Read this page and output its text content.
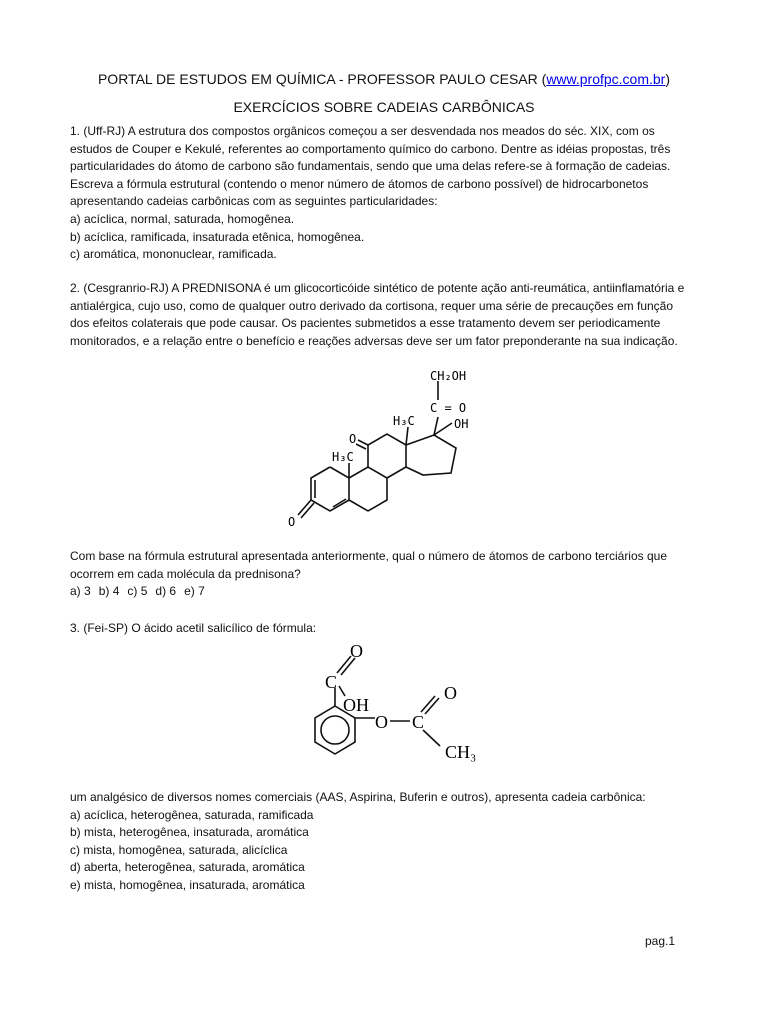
PORTAL DE ESTUDOS EM QUÍMICA - PROFESSOR PAULO CESAR (www.profpc.com.br)
EXERCÍCIOS SOBRE CADEIAS CARBÔNICAS
1. (Uff-RJ) A estrutura dos compostos orgânicos começou a ser desvendada nos meados do séc. XIX, com os
estudos de Couper e Kekulé, referentes ao comportamento químico do carbono. Dentre as idéias propostas, três
particularidades do átomo de carbono são fundamentais, sendo que uma delas refere-se à formação de cadeias.
Escreva a fórmula estrutural (contendo o menor número de átomos de carbono possível) de hidrocarbonetos
apresentando cadeias carbônicas com as seguintes particularidades:
a) acíclica, normal, saturada, homogênea.
b) acíclica, ramificada, insaturada etênica, homogênea.
c) aromática, mononuclear, ramificada.
2. (Cesgranrio-RJ) A PREDNISONA é um glicocorticóide sintético de potente ação anti-reumática, antiinflamatória e
antialérgica, cujo uso, como de qualquer outro derivado da cortisona, requer uma série de precauções em função
dos efeitos colaterais que pode causar. Os pacientes submetidos a esse tratamento devem ser periodicamente
monitorados, e a relação entre o benefício e reações adversas deve ser um fator preponderante na sua indicação.
CH₂OH
C = O
OH
H₃C
H₃C
O
O
Com base na fórmula estrutural apresentada anteriormente, qual o número de átomos de carbono terciários que
ocorrem em cada molécula da prednisona?
a) 3 b) 4 c) 5 d) 6 e) 7
3. (Fei-SP) O ácido acetil salicílico de fórmula:
O
C
OH
O C
O
CH₃
um analgésico de diversos nomes comerciais (AAS, Aspirina, Buferin e outros), apresenta cadeia carbônica:
a) acíclica, heterogênea, saturada, ramificada
b) mista, heterogênea, insaturada, aromática
c) mista, homogênea, saturada, alicíclica
d) aberta, heterogênea, saturada, aromática
e) mista, homogênea, insaturada, aromática
pag.1
